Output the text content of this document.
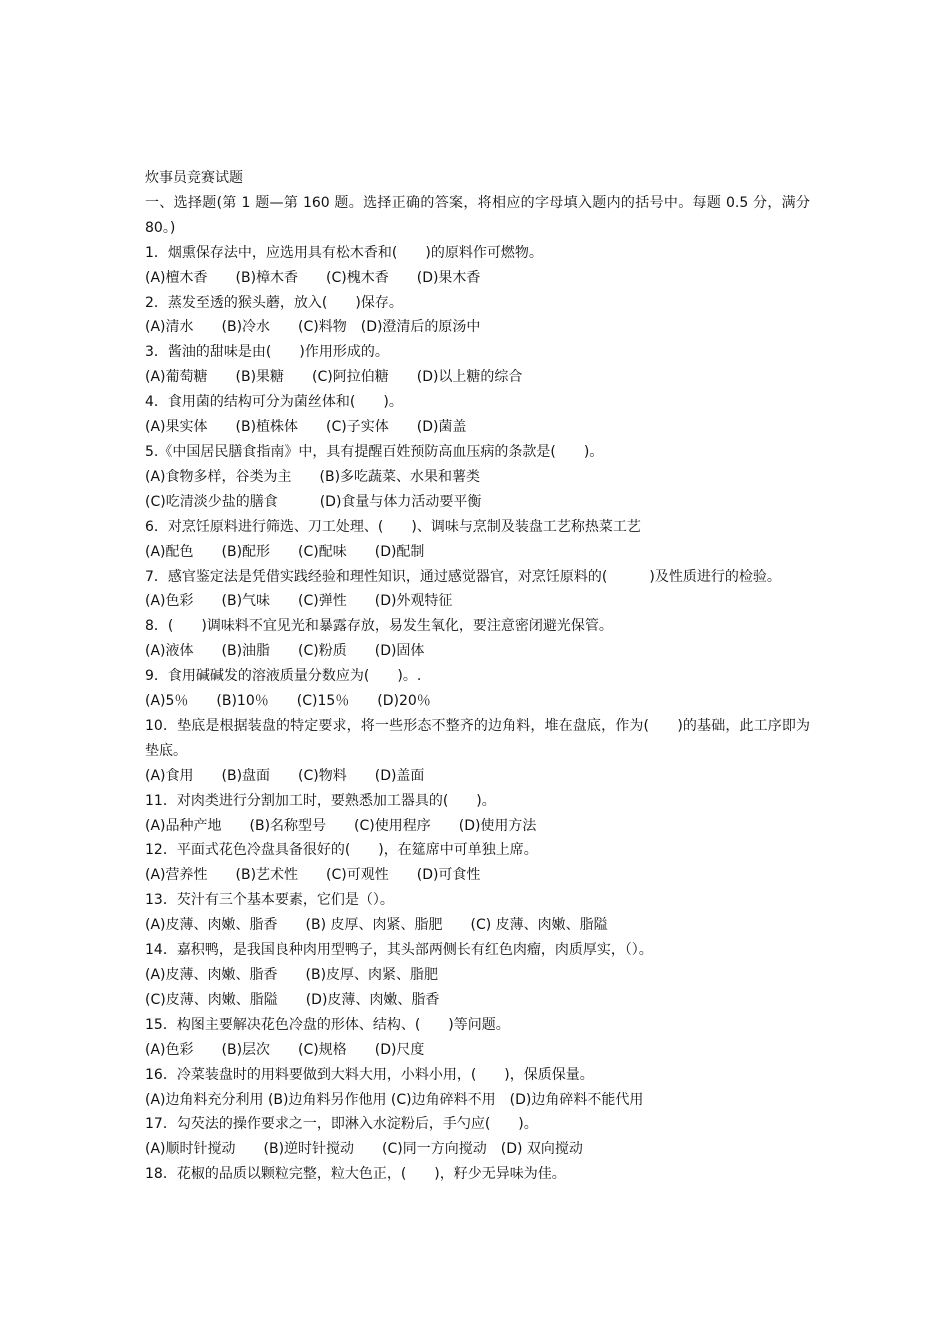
炊事员竞赛试题
一、选择题(第 1 题—第 160 题。选择正确的答案，将相应的字母填入题内的括号中。每题 0.5 分，满分 80。)
1．烟熏保存法中，应选用具有松木香和(　　)的原料作可燃物。
(A)檀木香　　(B)樟木香　　(C)槐木香　　(D)果木香
2．蒸发至透的猴头蘑，放入(　　)保存。
(A)清水　　(B)冷水　　(C)料物　(D)澄清后的原汤中
3．酱油的甜味是由(　　)作用形成的。
(A)葡萄糖　　(B)果糖　　(C)阿拉伯糖　　(D)以上糖的综合
4．食用菌的结构可分为菌丝体和(　　)。
(A)果实体　　(B)植株体　　(C)子实体　　(D)菌盖
5.《中国居民膳食指南》中，具有提醒百姓预防高血压病的条款是(　　)。
(A)食物多样，谷类为主　　(B)多吃蔬菜、水果和薯类
(C)吃清淡少盐的膳食　　　(D)食量与体力活动要平衡
6．对烹饪原料进行筛选、刀工处理、(　　)、调味与烹制及装盘工艺称热菜工艺
(A)配色　　(B)配形　　(C)配味　　(D)配制
7．感官鉴定法是凭借实践经验和理性知识，通过感觉器官，对烹饪原料的(　　　)及性质进行的检验。
(A)色彩　　(B)气味　　(C)弹性　　(D)外观特征
8．(　　)调味料不宜见光和暴露存放，易发生氧化，要注意密闭避光保管。
(A)液体　　(B)油脂　　(C)粉质　　(D)固体
9．食用碱碱发的溶液质量分数应为(　　)。.
(A)5％　　(B)10％　　(C)15％　　(D)20％
10．垫底是根据装盘的特定要求，将一些形态不整齐的边角料，堆在盘底，作为(　　)的基础，此工序即为垫底。
(A)食用　　(B)盘面　　(C)物料　　(D)盖面
11．对肉类进行分割加工时，要熟悉加工器具的(　　)。
(A)品种产地　　(B)名称型号　　(C)使用程序　　(D)使用方法
12．平面式花色冷盘具备很好的(　　)，在筵席中可单独上席。
(A)营养性　　(B)艺术性　　(C)可观性　　(D)可食性
13．芡汁有三个基本要素，它们是（）。
(A)皮薄、肉嫩、脂香　　(B) 皮厚、肉紧、脂肥　　(C) 皮薄、肉嫩、脂隘
14．嘉积鸭，是我国良种肉用型鸭子，其头部两侧长有红色肉瘤，肉质厚实，（）。
(A)皮薄、肉嫩、脂香　　(B)皮厚、肉紧、脂肥
(C)皮薄、肉嫩、脂隘　　(D)皮薄、肉嫩、脂香
15．构图主要解决花色冷盘的形体、结构、(　　)等问题。
(A)色彩　　(B)层次　　(C)规格　　(D)尺度
16．冷菜装盘时的用料要做到大料大用，小料小用，(　　)，保质保量。
(A)边角料充分利用 (B)边角料另作他用 (C)边角碎料不用　(D)边角碎料不能代用
17．勾芡法的操作要求之一，即淋入水淀粉后，手勺应(　　)。
(A)顺时针搅动　　(B)逆时针搅动　　(C)同一方向搅动　(D) 双向搅动
18．花椒的品质以颗粒完整，粒大色正，(　　)，籽少无异味为佳。
